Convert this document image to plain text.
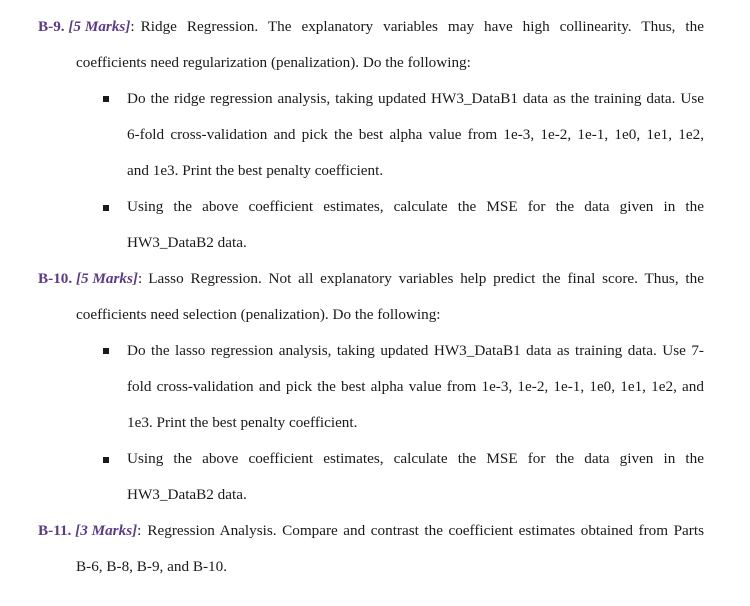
B-9. [5 Marks]: Ridge Regression. The explanatory variables may have high collinearity. Thus, the
coefficients need regularization (penalization). Do the following:
Do the ridge regression analysis, taking updated HW3_DataB1 data as the training data. Use
6-fold cross-validation and pick the best alpha value from 1e-3, 1e-2, 1e-1, 1e0, 1e1, 1e2,
and 1e3. Print the best penalty coefficient.
Using the above coefficient estimates, calculate the MSE for the data given in the
HW3_DataB2 data.
B-10. [5 Marks]: Lasso Regression. Not all explanatory variables help predict the final score. Thus, the
coefficients need selection (penalization). Do the following:
Do the lasso regression analysis, taking updated HW3_DataB1 data as training data. Use 7-
fold cross-validation and pick the best alpha value from 1e-3, 1e-2, 1e-1, 1e0, 1e1, 1e2, and
1e3. Print the best penalty coefficient.
Using the above coefficient estimates, calculate the MSE for the data given in the
HW3_DataB2 data.
B-11. [3 Marks]: Regression Analysis. Compare and contrast the coefficient estimates obtained from Parts
B-6, B-8, B-9, and B-10.
